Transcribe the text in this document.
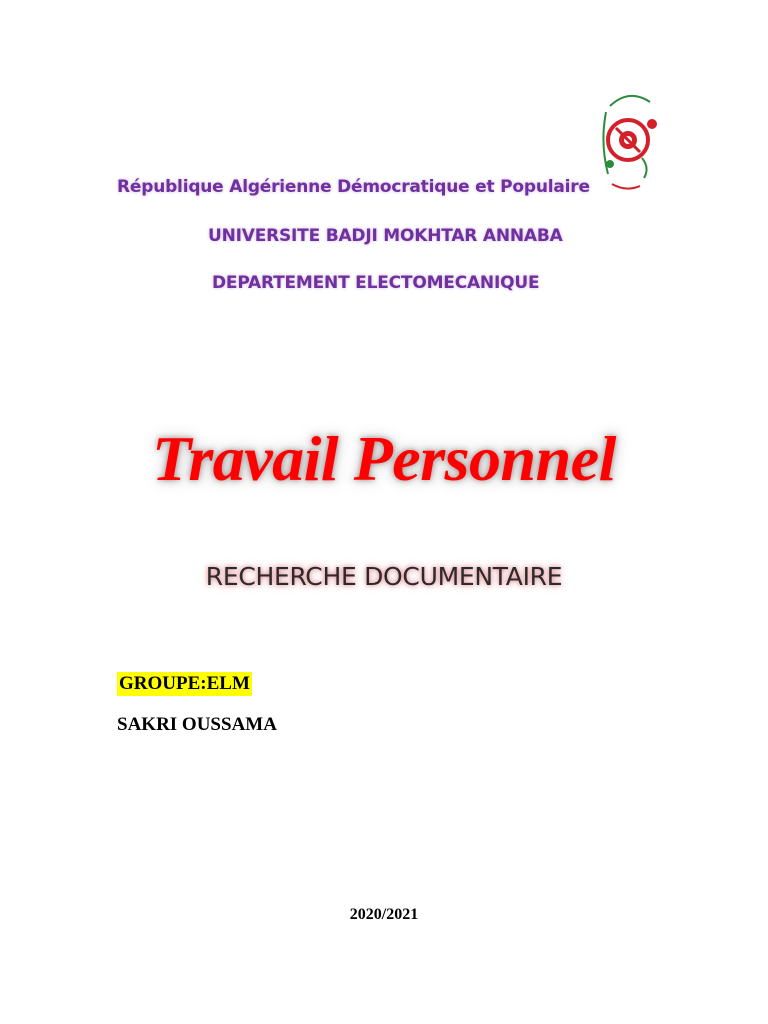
République Algérienne Démocratique et Populaire
UNIVERSITE BADJI MOKHTAR ANNABA
DEPARTEMENT ELECTOMECANIQUE
Travail Personnel
RECHERCHE DOCUMENTAIRE
GROUPE:ELM
SAKRI OUSSAMA
2020/2021
